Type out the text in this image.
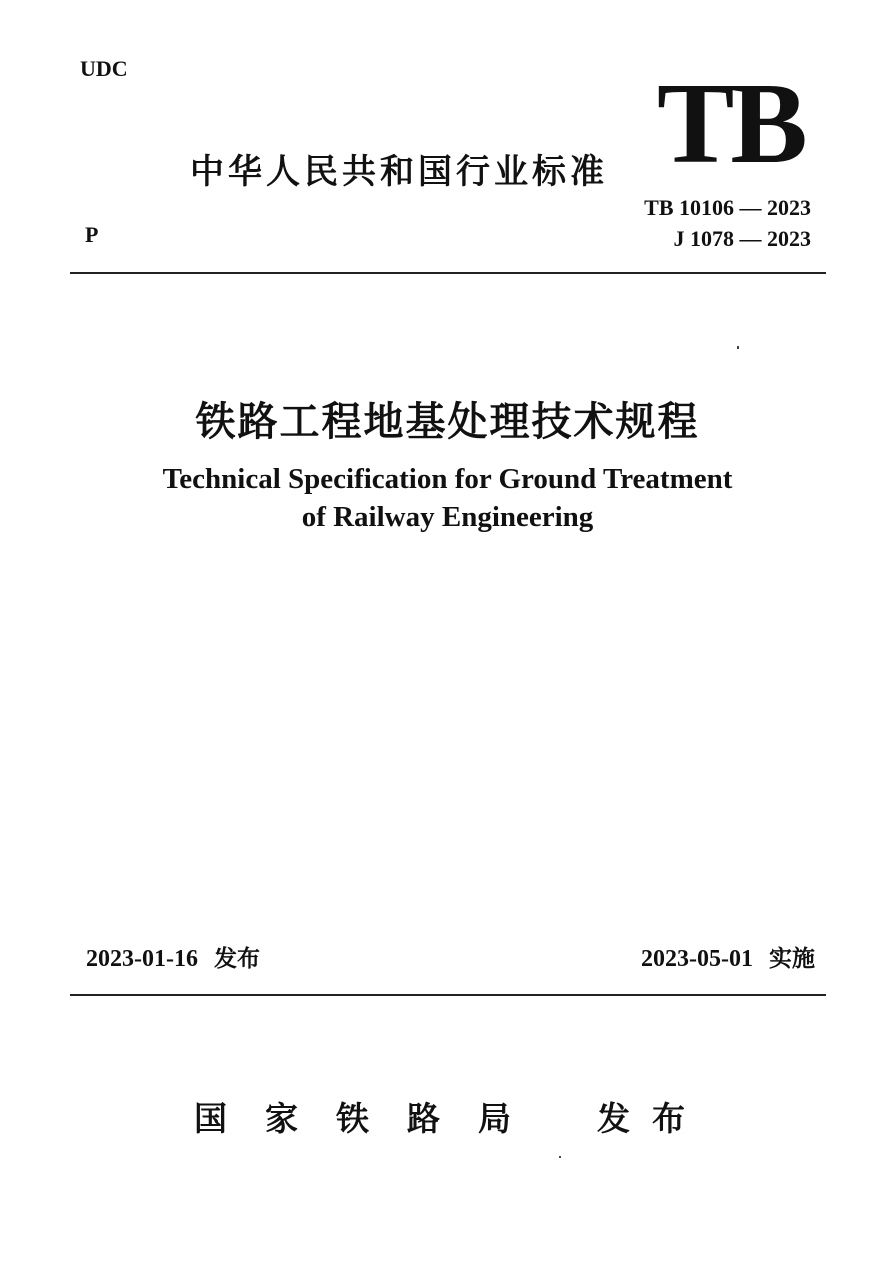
UDC
中华人民共和国行业标准 TB
TB 10106 — 2023
J 1078 — 2023
P
铁路工程地基处理技术规程
Technical Specification for Ground Treatment
of Railway Engineering
2023-01-16 发布	2023-05-01 实施
国家铁路局 发布
